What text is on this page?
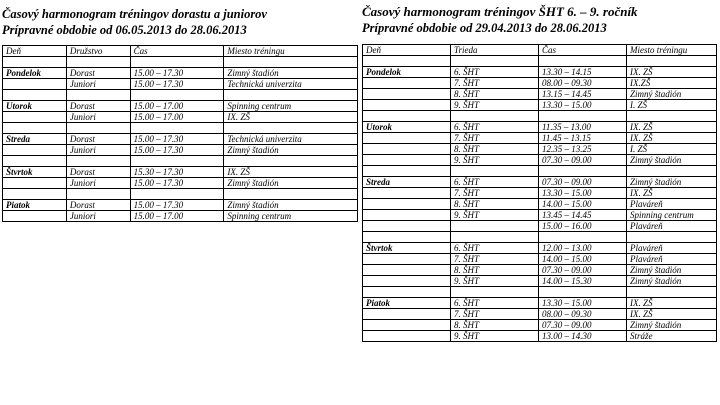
Časový harmonogram tréningov dorastu a juniorov
Prípravné obdobie od 06.05.2013 do 28.06.2013
Deň	Družstvo	Čas	Miesto tréningu

Pondelok	Dorast	15.00 – 17.30	Zimný štadión
	Juniori	15.00 – 17.30	Technická univerzita

Utorok	Dorast	15.00 – 17.00	Spinning centrum
	Juniori	15.00 – 17.00	IX. ZŠ

Streda	Dorast	15.00 – 17.30	Technická univerzita
	Juniori	15.00 – 17.30	Zimný štadión

Štvrtok	Dorast	15.30 – 17.30	IX. ZŠ
	Juniori	15.00 – 17.30	Zimný štadión

Piatok	Dorast	15.00 – 17.30	Zimný štadión
	Juniori	15.00 – 17.00	Spinning centrum
Časový harmonogram tréningov ŠHT 6. – 9. ročník
Prípravné obdobie od 29.04.2013 do 28.06.2013
Deň	Trieda	Čas	Miesto tréningu

Pondelok	6. ŠHT	13.30 – 14.15	IX. ZŠ
	7. ŠHT	08.00 – 09.30	IX.ZŠ
	8. ŠHT	13.15 – 14.45	Zimný štadión
	9. ŠHT	13.30 – 15.00	I. ZŠ

Utorok	6. ŠHT	11.35 – 13.00	IX. ZŠ
	7. ŠHT	11.45 – 13.15	IX. ZŠ
	8. ŠHT	12.35 – 13.25	I. ZŠ
	9. ŠHT	07.30 – 09.00	Zimný štadión

Streda	6. ŠHT	07.30 – 09.00	Zimný štadión
	7. ŠHT	13.30 – 15.00	IX. ZŠ
	8. ŠHT	14.00 – 15.00	Plaváreň
	9. ŠHT	13.45 – 14.45	Spinning centrum
		15.00 – 16.00	Plaváreň

Štvrtok	6. ŠHT	12.00 – 13.00	Plaváreň
	7. ŠHT	14.00 – 15.00	Plaváreň
	8. ŠHT	07.30 – 09.00	Zimný štadión
	9. ŠHT	14.00 – 15.30	Zimný štadión

Piatok	6. ŠHT	13.30 – 15.00	IX. ZŠ
	7. ŠHT	08.00 – 09.30	IX. ZŠ
	8. ŠHT	07.30 – 09.00	Zimný štadión
	9. ŠHT	13.00 – 14.30	Stráže
